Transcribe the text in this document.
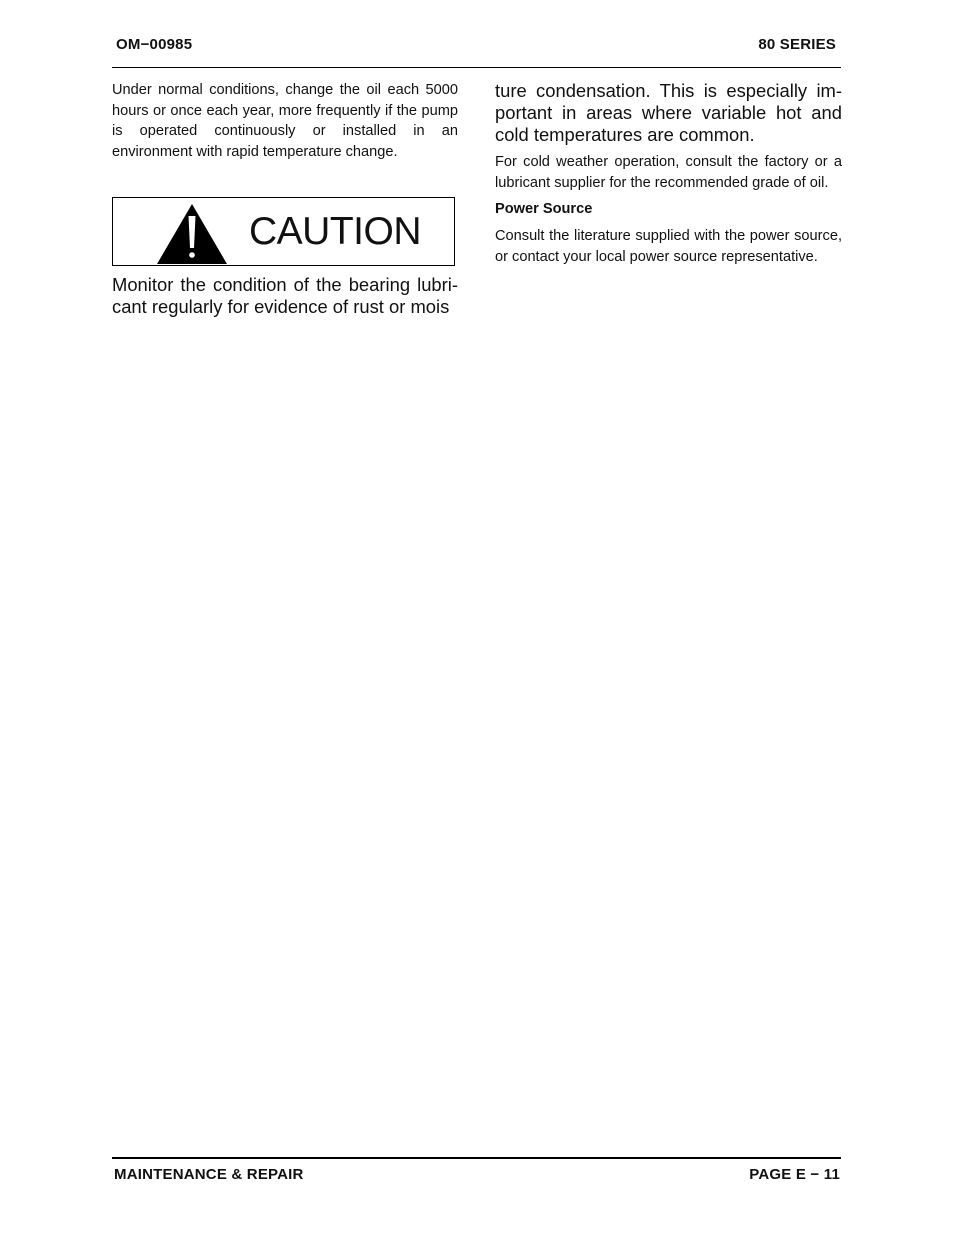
OM−00985	80 SERIES

Under normal conditions, change the oil each 5000 hours or once each year, more frequently if the pump is operated continuously or installed in an environment with rapid temperature change.

CAUTION

Monitor the condition of the bearing lubricant regularly for evidence of rust or mois

ture condensation. This is especially important in areas where variable hot and cold temperatures are common.

For cold weather operation, consult the factory or a lubricant supplier for the recommended grade of oil.

Power Source

Consult the literature supplied with the power source, or contact your local power source representative.

MAINTENANCE & REPAIR	PAGE E − 11
